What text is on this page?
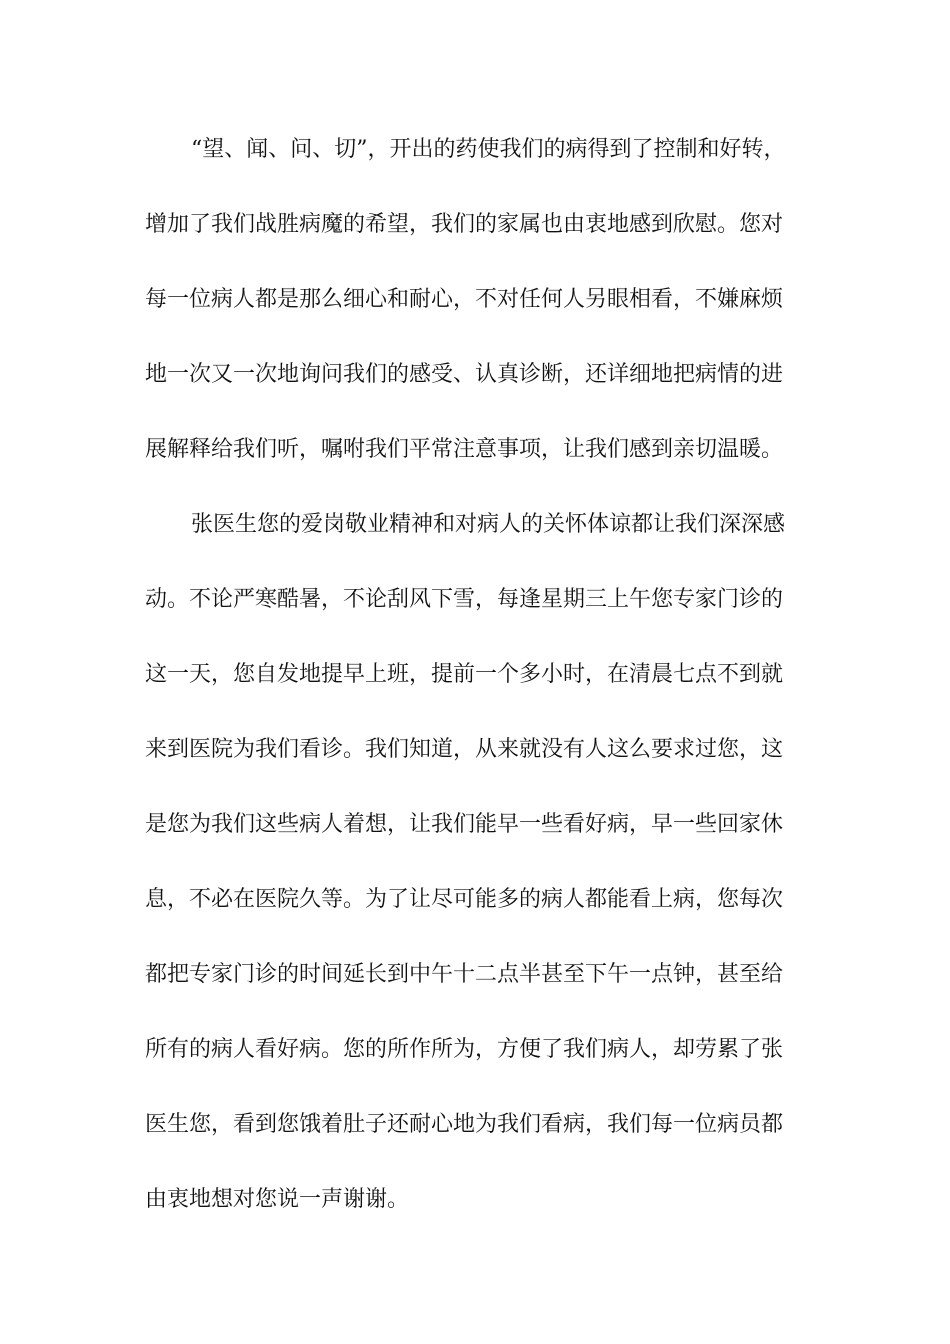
“望、闻、问、切”，开出的药使我们的病得到了控制和好转，

增加了我们战胜病魔的希望，我们的家属也由衷地感到欣慰。您对

每一位病人都是那么细心和耐心，不对任何人另眼相看，不嫌麻烦

地一次又一次地询问我们的感受、认真诊断，还详细地把病情的进

展解释给我们听，嘱咐我们平常注意事项，让我们感到亲切温暖。

张医生您的爱岗敬业精神和对病人的关怀体谅都让我们深深感

动。不论严寒酷暑，不论刮风下雪，每逢星期三上午您专家门诊的

这一天，您自发地提早上班，提前一个多小时，在清晨七点不到就

来到医院为我们看诊。我们知道，从来就没有人这么要求过您，这

是您为我们这些病人着想，让我们能早一些看好病，早一些回家休

息，不必在医院久等。为了让尽可能多的病人都能看上病，您每次

都把专家门诊的时间延长到中午十二点半甚至下午一点钟，甚至给

所有的病人看好病。您的所作所为，方便了我们病人，却劳累了张

医生您，看到您饿着肚子还耐心地为我们看病，我们每一位病员都

由衷地想对您说一声谢谢。
